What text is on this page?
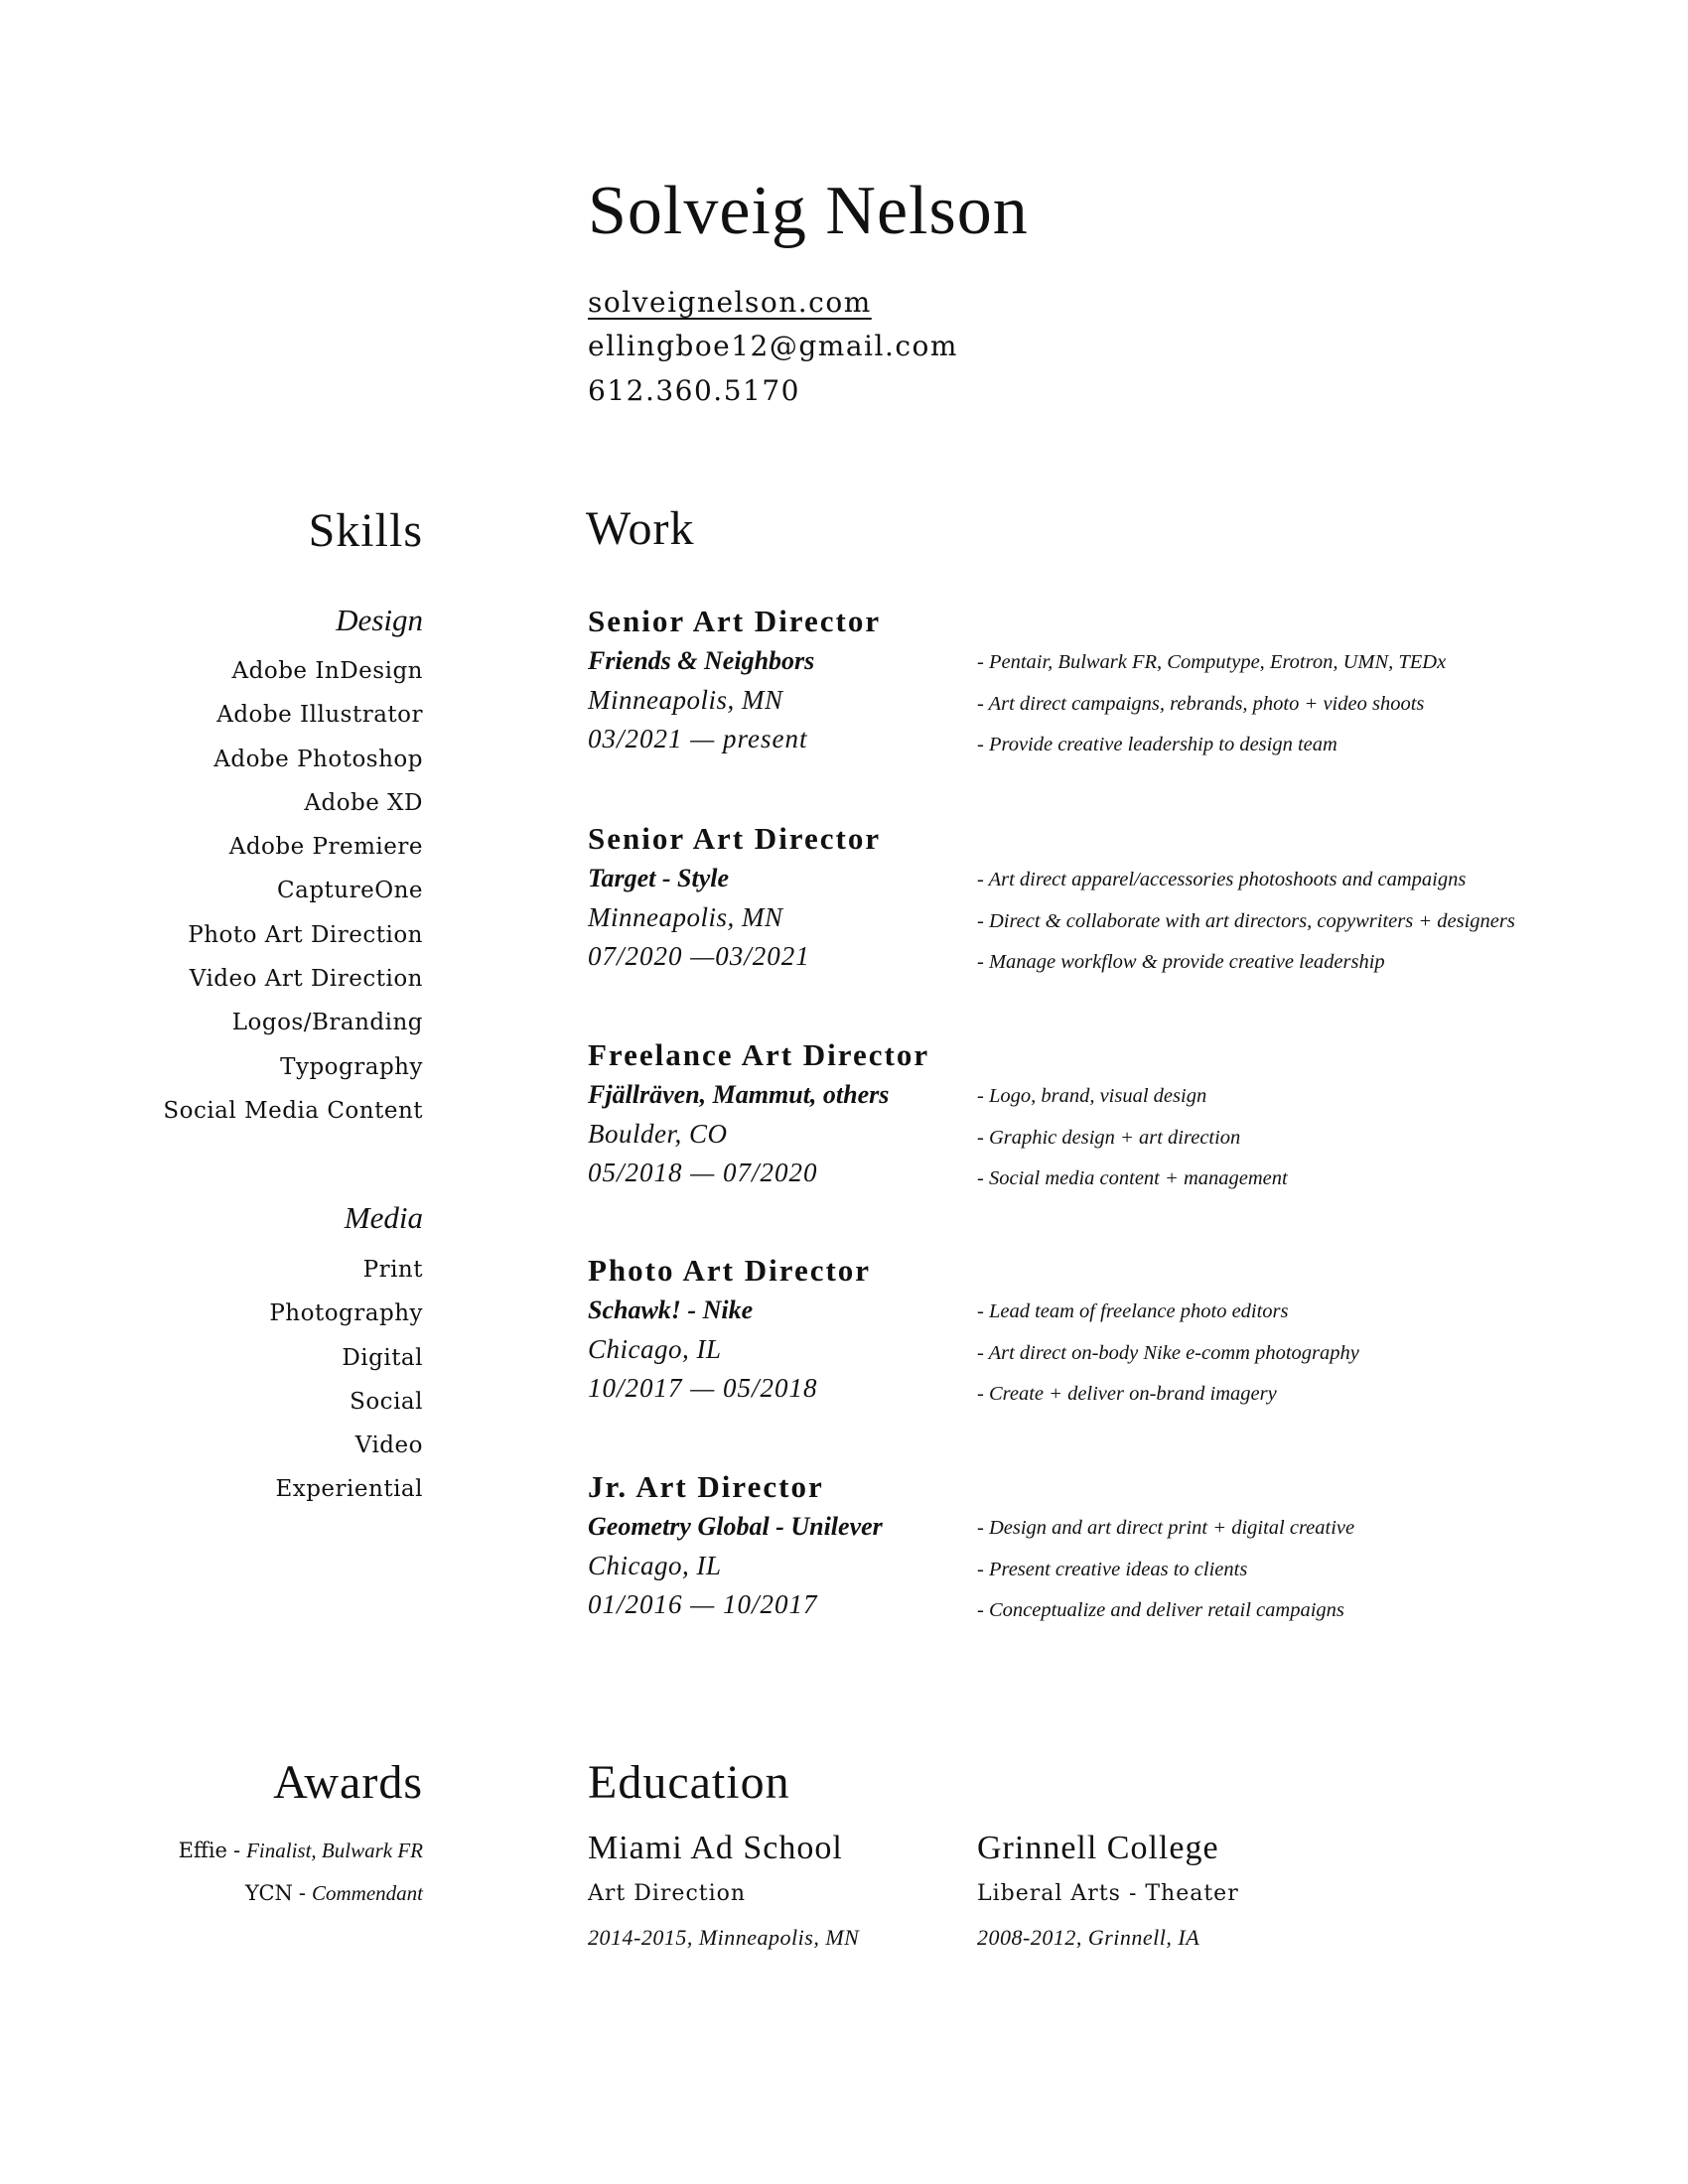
Solveig Nelson
solveignelson.com
ellingboe12@gmail.com
612.360.5170
Skills
Design
Adobe InDesign
Adobe Illustrator
Adobe Photoshop
Adobe XD
Adobe Premiere
CaptureOne
Photo Art Direction
Video Art Direction
Logos/Branding
Typography
Social Media Content
Media
Print
Photography
Digital
Social
Video
Experiential
Work
Senior Art Director
Friends & Neighbors
Minneapolis, MN
03/2021 — present
- Pentair, Bulwark FR, Computype, Erotron, UMN, TEDx
- Art direct campaigns, rebrands, photo + video shoots
- Provide creative leadership to design team
Senior Art Director
Target - Style
Minneapolis, MN
07/2020 —03/2021
- Art direct apparel/accessories photoshoots and campaigns
- Direct & collaborate with art directors, copywriters + designers
- Manage workflow & provide creative leadership
Freelance Art Director
Fjällräven, Mammut, others
Boulder, CO
05/2018 — 07/2020
- Logo, brand, visual design
- Graphic design + art direction
- Social media content + management
Photo Art Director
Schawk! - Nike
Chicago, IL
10/2017 — 05/2018
- Lead team of freelance photo editors
- Art direct on-body Nike e-comm photography
- Create + deliver on-brand imagery
Jr. Art Director
Geometry Global - Unilever
Chicago, IL
01/2016 — 10/2017
- Design and art direct print + digital creative
- Present creative ideas to clients
- Conceptualize and deliver retail campaigns
Awards
Effie - Finalist, Bulwark FR
YCN - Commendant
Education
Miami Ad School
Art Direction
2014-2015, Minneapolis, MN
Grinnell College
Liberal Arts - Theater
2008-2012, Grinnell, IA
